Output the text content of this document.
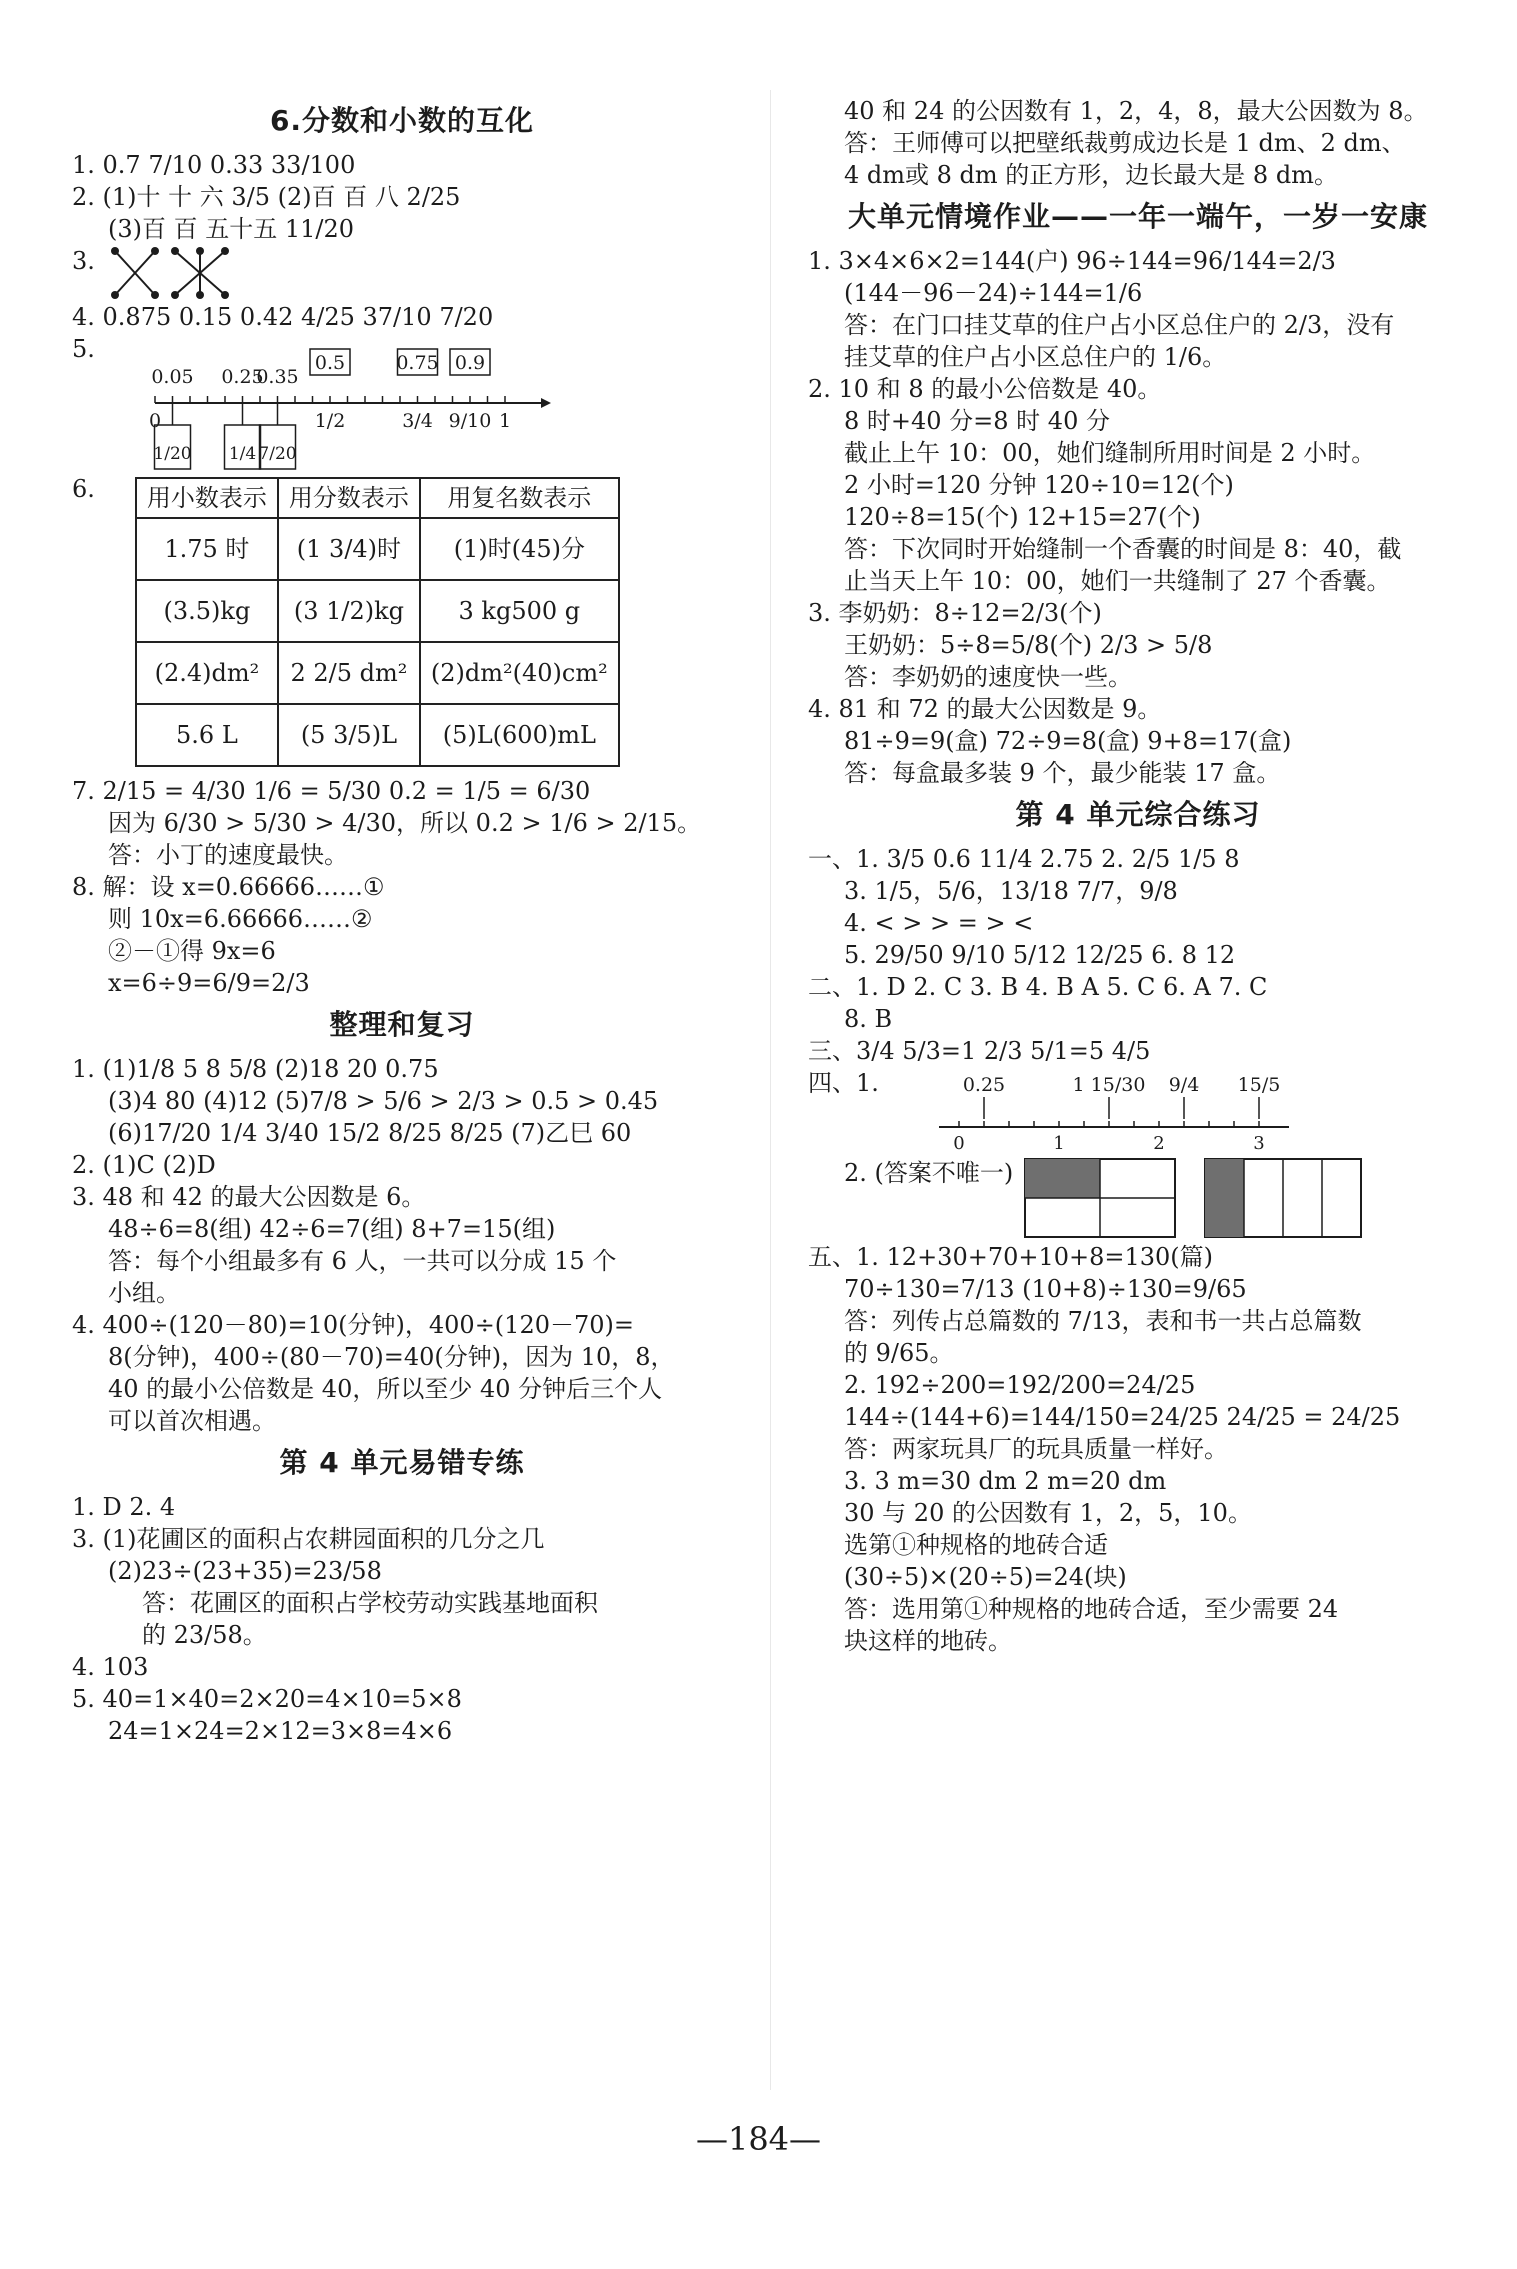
6.分数和小数的互化
1. 0.7 7/10 0.33 33/100
2. (1)十 十 六 3/5 (2)百 百 八 2/25
(3)百 百 五十五 11/20
3.
4. 0.875 0.15 0.42 4/25 37/10 7/20
5.
0.05 0.25
0.35
0.5	0.75 0.9
0	1/2	3/4 9/10 1
1/20 1/4 7/20
6. 用小数表示	用分数表示	用复名数表示
1.75 时	(1 3/4)时	(1)时(45)分
(3.5)kg	(3 1/2)kg	3 kg500 g
(2.4)dm²	2 2/5 dm²	(2)dm²(40)cm²
5.6 L	(5 3/5)L	(5)L(600)mL
7. 2/15 = 4/30 1/6 = 5/30 0.2 = 1/5 = 6/30
因为 6/30 > 5/30 > 4/30，所以 0.2 > 1/6 > 2/15。
答：小丁的速度最快。
8. 解：设 x=0.66666……①
则 10x=6.66666……②
②－①得 9x=6
x=6÷9=6/9=2/3
整理和复习
1. (1)1/8 5 8 5/8 (2)18 20 0.75
(3)4 80 (4)12 (5)7/8 > 5/6 > 2/3 > 0.5 > 0.45
(6)17/20 1/4 3/40 15/2 8/25 8/25 (7)乙巳 60
2. (1)C (2)D
3. 48 和 42 的最大公因数是 6。
48÷6=8(组) 42÷6=7(组) 8+7=15(组)
答：每个小组最多有 6 人，一共可以分成 15 个
小组。
4. 400÷(120－80)=10(分钟)，400÷(120－70)=
8(分钟)，400÷(80－70)=40(分钟)，因为 10，8，
40 的最小公倍数是 40，所以至少 40 分钟后三个人
可以首次相遇。
第 4 单元易错专练
1. D 2. 4
3. (1)花圃区的面积占农耕园面积的几分之几
(2)23÷(23+35)=23/58
答：花圃区的面积占学校劳动实践基地面积
的 23/58。
4. 103
5. 40=1×40=2×20=4×10=5×8
24=1×24=2×12=3×8=4×6
40 和 24 的公因数有 1，2，4，8，最大公因数为 8。
答：王师傅可以把壁纸裁剪成边长是 1 dm、2 dm、
4 dm或 8 dm 的正方形，边长最大是 8 dm。
大单元情境作业——一年一端午，一岁一安康
1. 3×4×6×2=144(户) 96÷144=96/144=2/3
(144－96－24)÷144=1/6
答：在门口挂艾草的住户占小区总住户的 2/3，没有
挂艾草的住户占小区总住户的 1/6。
2. 10 和 8 的最小公倍数是 40。
8 时+40 分=8 时 40 分
截止上午 10：00，她们缝制所用时间是 2 小时。
2 小时=120 分钟 120÷10=12(个)
120÷8=15(个) 12+15=27(个)
答：下次同时开始缝制一个香囊的时间是 8：40，截
止当天上午 10：00，她们一共缝制了 27 个香囊。
3. 李奶奶：8÷12=2/3(个)
王奶奶：5÷8=5/8(个) 2/3 > 5/8
答：李奶奶的速度快一些。
4. 81 和 72 的最大公因数是 9。
81÷9=9(盒) 72÷9=8(盒) 9+8=17(盒)
答：每盒最多装 9 个，最少能装 17 盒。
第 4 单元综合练习
一、1. 3/5 0.6 11/4 2.75 2. 2/5 1/5 8
3. 1/5，5/6，13/18 7/7，9/8
4. < > > = > <
5. 29/50 9/10 5/12 12/25 6. 8 12
二、1. D 2. C 3. B 4. B A 5. C 6. A 7. C
8. B
三、3/4 5/3=1 2/3 5/1=5 4/5
四、1.	0.25	1 15/30 9/4 15/5
0	1	2	3
2. (答案不唯一)
五、1. 12+30+70+10+8=130(篇)
70÷130=7/13 (10+8)÷130=9/65
答：列传占总篇数的 7/13，表和书一共占总篇数
的 9/65。
2. 192÷200=192/200=24/25
144÷(144+6)=144/150=24/25 24/25 = 24/25
答：两家玩具厂的玩具质量一样好。
3. 3 m=30 dm 2 m=20 dm
30 与 20 的公因数有 1，2，5，10。
选第①种规格的地砖合适
(30÷5)×(20÷5)=24(块)
答：选用第①种规格的地砖合适，至少需要 24
块这样的地砖。
—184—
